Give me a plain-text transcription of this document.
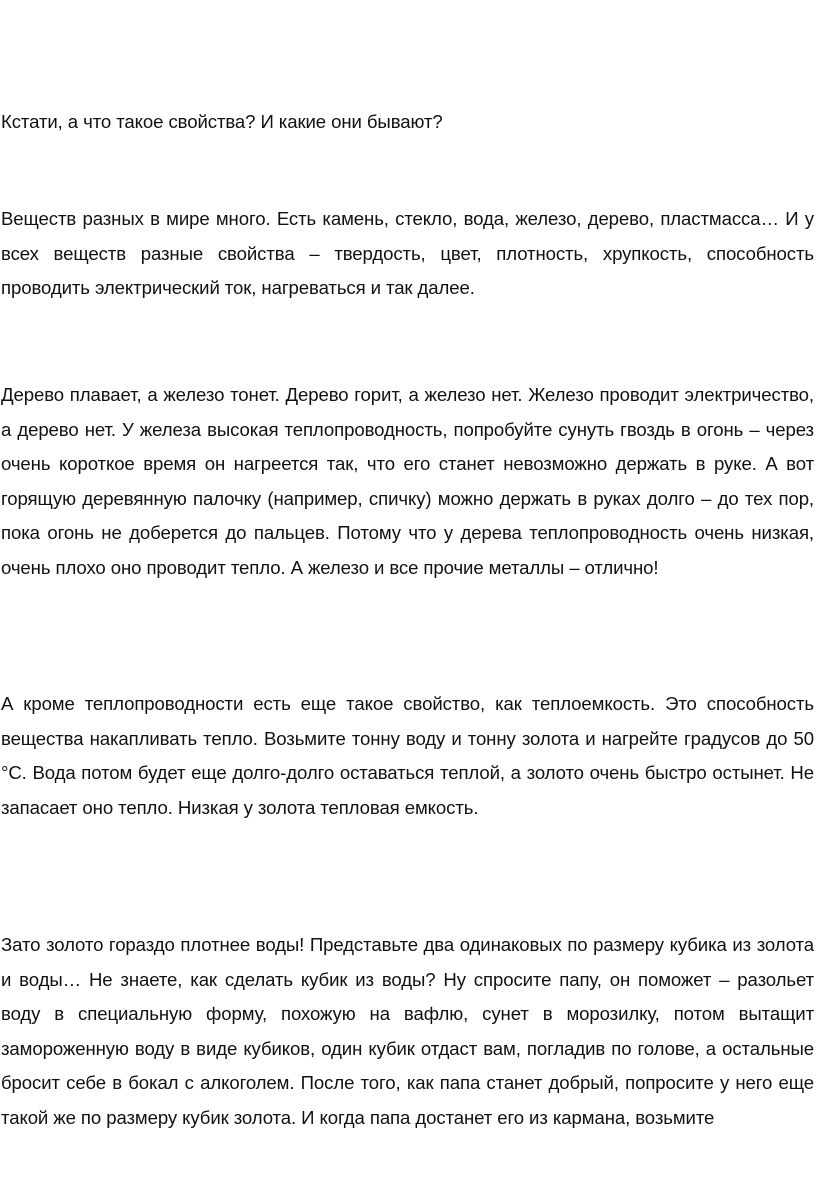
Кстати, а что такое свойства? И какие они бывают?

Веществ разных в мире много. Есть камень, стекло, вода, железо, дерево, пластмасса… И у всех веществ разные свойства – твердость, цвет, плотность, хрупкость, способность проводить электрический ток, нагреваться и так далее.

Дерево плавает, а железо тонет. Дерево горит, а железо нет. Железо проводит электричество, а дерево нет. У железа высокая теплопроводность, попробуйте сунуть гвоздь в огонь – через очень короткое время он нагреется так, что его станет невозможно держать в руке. А вот горящую деревянную палочку (например, спичку) можно держать в руках долго – до тех пор, пока огонь не доберется до пальцев. Потому что у дерева теплопроводность очень низкая, очень плохо оно проводит тепло. А железо и все прочие металлы – отлично!

А кроме теплопроводности есть еще такое свойство, как теплоемкость. Это способность вещества накапливать тепло. Возьмите тонну воду и тонну золота и нагрейте градусов до 50 °С. Вода потом будет еще долго-долго оставаться теплой, а золото очень быстро остынет. Не запасает оно тепло. Низкая у золота тепловая емкость.

Зато золото гораздо плотнее воды! Представьте два одинаковых по размеру кубика из золота и воды… Не знаете, как сделать кубик из воды? Ну спросите папу, он поможет – разольет воду в специальную форму, похожую на вафлю, сунет в морозилку, потом вытащит замороженную воду в виде кубиков, один кубик отдаст вам, погладив по голове, а остальные бросит себе в бокал с алкоголем. После того, как папа станет добрый, попросите у него еще такой же по размеру кубик золота. И когда папа достанет его из кармана, возьмите
